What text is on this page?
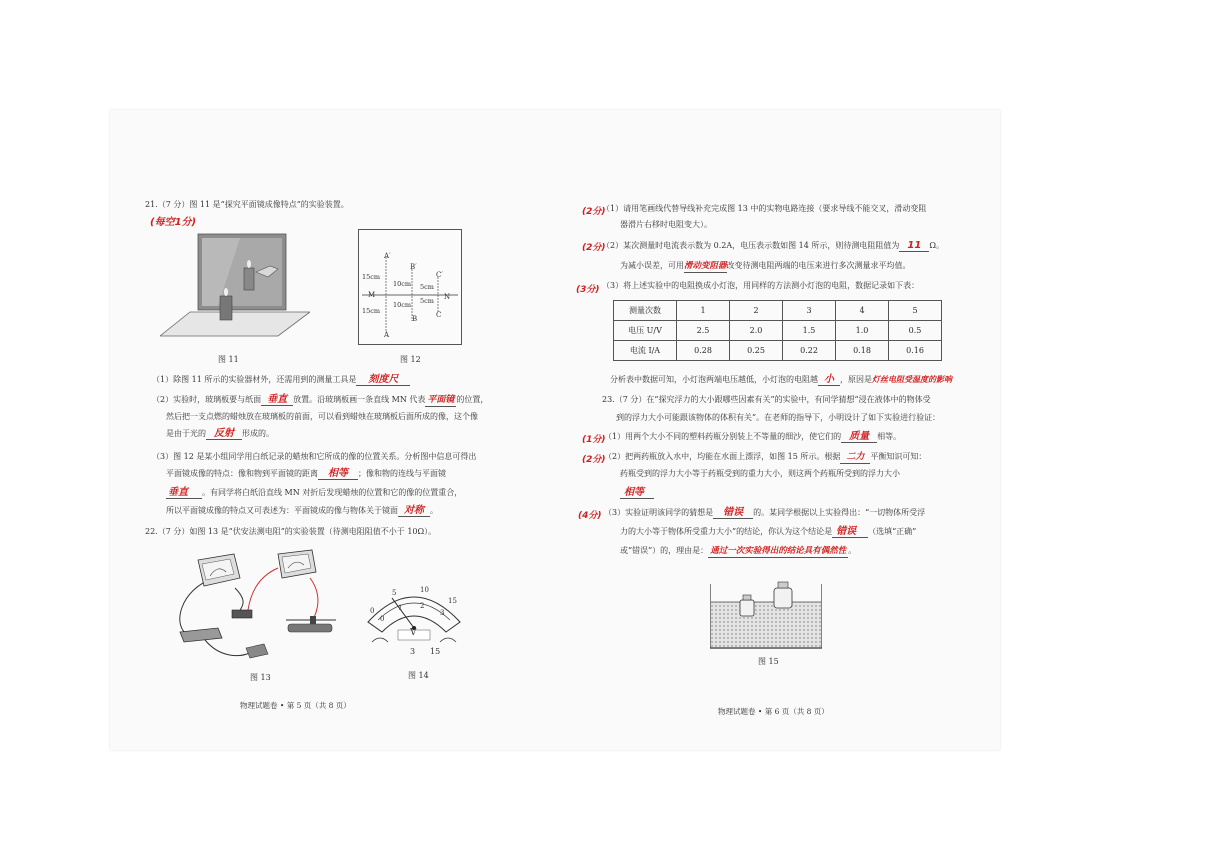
21.（7 分）图 11 是“探究平面镜成像特点”的实验装置。
(每空1分)
图 11
A′
B′
C′
15cm
10cm 5cm
M	N
10cm 5cm
15cm
B	C
A
图 12
（1）除图 11 所示的实验器材外，还需用到的测量工具是 刻度尺
（2）实验时，玻璃板要与纸面 垂直 放置。沿玻璃板画一条直线 MN 代表 平面镜 的位置，
然后把一支点燃的蜡烛放在玻璃板的前面，可以看到蜡烛在玻璃板后面所成的像，这个像
是由于光的 反射 形成的。
（3）图 12 是某小组同学用白纸记录的蜡烛和它所成的像的位置关系。分析图中信息可得出
平面镜成像的特点：像和物到平面镜的距离 相等 ；像和物的连线与平面镜
垂直 。有同学将白纸沿直线 MN 对折后发现蜡烛的位置和它的像的位置重合，
所以平面镜成像的特点又可表述为：平面镜成的像与物体关于镜面 对称 。
22.（7 分）如图 13 是“伏安法测电阻”的实验装置（待测电阻阻值不小于 10Ω）。
图 13
0
5	10
15
0
1	2
3
V
3 15
图 14
物理试题卷 • 第 5 页（共 8 页）
(2分)
（1）请用笔画线代替导线补充完成图 13 中的实物电路连接（要求导线不能交叉，滑动变阻
器滑片右移时电阻变大）。
(2分)
（2）某次测量时电流表示数为 0.2A，电压表示数如图 14 所示，则待测电阻阻值为 11 Ω。
为减小误差，可用滑动变阻器改变待测电阻两端的电压来进行多次测量求平均值。
(3分) （3）将上述实验中的电阻换成小灯泡，用同样的方法测小灯泡的电阻，数据记录如下表：
测量次数	1	2	3	4	5
电压 U/V	2.5	2.0	1.5	1.0	0.5
电流 I/A	0.28	0.25	0.22	0.18	0.16
分析表中数据可知，小灯泡两端电压越低，小灯泡的电阻越 小 ，原因是灯丝电阻受温度的影响
23.（7 分）在“探究浮力的大小跟哪些因素有关”的实验中，有同学猜想“浸在液体中的物体受
到的浮力大小可能跟该物体的体积有关”。在老师的指导下，小明设计了如下实验进行验证：
(1分)
（1）用两个大小不同的塑料药瓶分别装上不等量的细沙，使它们的 质量 相等。
(2分)
（2）把两药瓶放入水中，均能在水面上漂浮，如图 15 所示。根据 二力 平衡知识可知：
药瓶受到的浮力大小等于药瓶受到的重力大小，则这两个药瓶所受到的浮力大小
相等
(4分) （3）实验证明该同学的猜想是 错误 的。某同学根据以上实验得出：“一切物体所受浮
力的大小等于物体所受重力大小”的结论，你认为这个结论是 错误 （选填“正确”
或“错误”）的，理由是： 通过一次实验得出的结论具有偶然性 。
图 15
物理试题卷 • 第 6 页（共 8 页）
